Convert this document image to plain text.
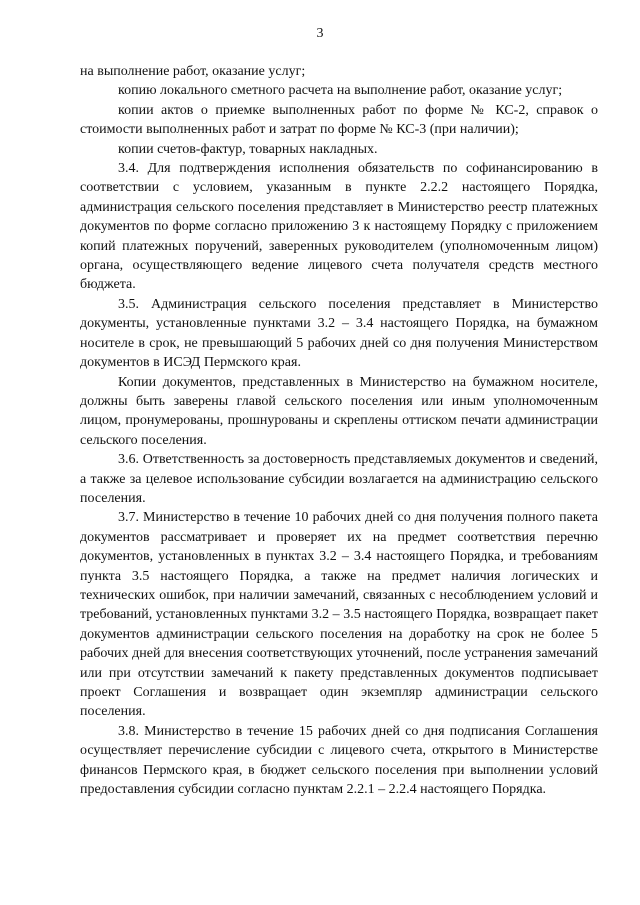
3

на выполнение работ, оказание услуг;

копию локального сметного расчета на выполнение работ, оказание услуг;

копии актов о приемке выполненных работ по форме № КС-2, справок о стоимости выполненных работ и затрат по форме № КС-3 (при наличии);

копии счетов-фактур, товарных накладных.

3.4. Для подтверждения исполнения обязательств по софинансированию в соответствии с условием, указанным в пункте 2.2.2 настоящего Порядка, администрация сельского поселения представляет в Министерство реестр платежных документов по форме согласно приложению 3 к настоящему Порядку с приложением копий платежных поручений, заверенных руководителем (уполномоченным лицом) органа, осуществляющего ведение лицевого счета получателя средств местного бюджета.

3.5. Администрация сельского поселения представляет в Министерство документы, установленные пунктами 3.2 – 3.4 настоящего Порядка, на бумажном носителе в срок, не превышающий 5 рабочих дней со дня получения Министерством документов в ИСЭД Пермского края.

Копии документов, представленных в Министерство на бумажном носителе, должны быть заверены главой сельского поселения или иным уполномоченным лицом, пронумерованы, прошнурованы и скреплены оттиском печати администрации сельского поселения.

3.6. Ответственность за достоверность представляемых документов и сведений, а также за целевое использование субсидии возлагается на администрацию сельского поселения.

3.7. Министерство в течение 10 рабочих дней со дня получения полного пакета документов рассматривает и проверяет их на предмет соответствия перечню документов, установленных в пунктах 3.2 – 3.4 настоящего Порядка, и требованиям пункта 3.5 настоящего Порядка, а также на предмет наличия логических и технических ошибок, при наличии замечаний, связанных с несоблюдением условий и требований, установленных пунктами 3.2 – 3.5 настоящего Порядка, возвращает пакет документов администрации сельского поселения на доработку на срок не более 5 рабочих дней для внесения соответствующих уточнений, после устранения замечаний или при отсутствии замечаний к пакету представленных документов подписывает проект Соглашения и возвращает один экземпляр администрации сельского поселения.

3.8. Министерство в течение 15 рабочих дней со дня подписания Соглашения осуществляет перечисление субсидии с лицевого счета, открытого в Министерстве финансов Пермского края, в бюджет сельского поселения при выполнении условий предоставления субсидии согласно пунктам 2.2.1 – 2.2.4 настоящего Порядка.
